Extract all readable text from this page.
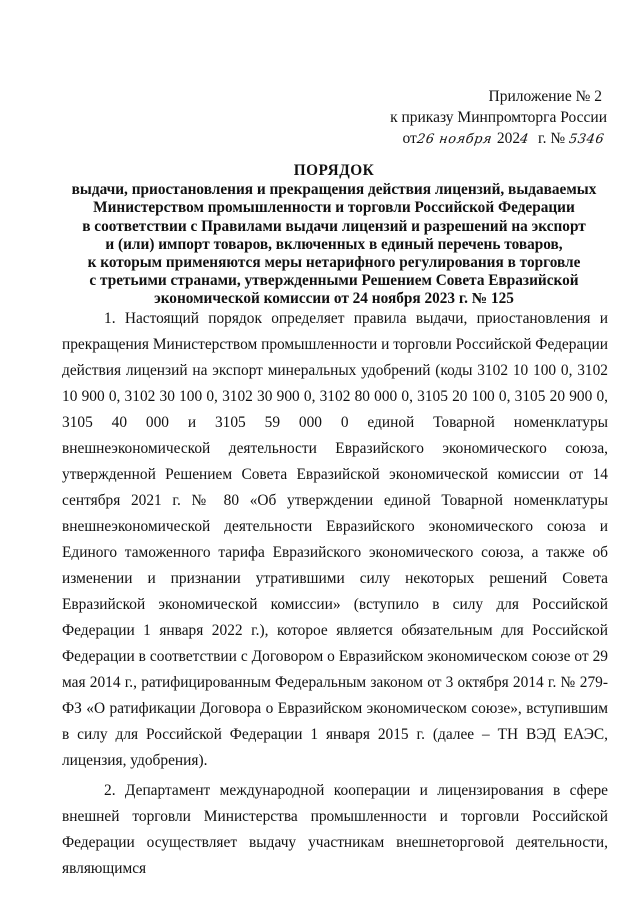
Приложение № 2
к приказу Минпромторга России
от26 ноября 2024 г. № 5346
ПОРЯДОК
выдачи, приостановления и прекращения действия лицензий, выдаваемых
Министерством промышленности и торговли Российской Федерации
в соответствии с Правилами выдачи лицензий и разрешений на экспорт
и (или) импорт товаров, включенных в единый перечень товаров,
к которым применяются меры нетарифного регулирования в торговле
с третьими странами, утвержденными Решением Совета Евразийской
экономической комиссии от 24 ноября 2023 г. № 125

1. Настоящий порядок определяет правила выдачи, приостановления и прекращения Министерством промышленности и торговли Российской Федерации действия лицензий на экспорт минеральных удобрений (коды 3102 10 100 0, 3102 10 900 0, 3102 30 100 0, 3102 30 900 0, 3102 80 000 0, 3105 20 100 0, 3105 20 900 0, 3105 40 000 и 3105 59 000 0 единой Товарной номенклатуры внешнеэкономической деятельности Евразийского экономического союза, утвержденной Решением Совета Евразийской экономической комиссии от 14 сентября 2021 г. № 80 «Об утверждении единой Товарной номенклатуры внешнеэкономической деятельности Евразийского экономического союза и Единого таможенного тарифа Евразийского экономического союза, а также об изменении и признании утратившими силу некоторых решений Совета Евразийской экономической комиссии» (вступило в силу для Российской Федерации 1 января 2022 г.), которое является обязательным для Российской Федерации в соответствии с Договором о Евразийском экономическом союзе от 29 мая 2014 г., ратифицированным Федеральным законом от 3 октября 2014 г. № 279-ФЗ «О ратификации Договора о Евразийском экономическом союзе», вступившим в силу для Российской Федерации 1 января 2015 г. (далее – ТН ВЭД ЕАЭС, лицензия, удобрения).

2. Департамент международной кооперации и лицензирования в сфере внешней торговли Министерства промышленности и торговли Российской Федерации осуществляет выдачу участникам внешнеторговой деятельности, являющимся
